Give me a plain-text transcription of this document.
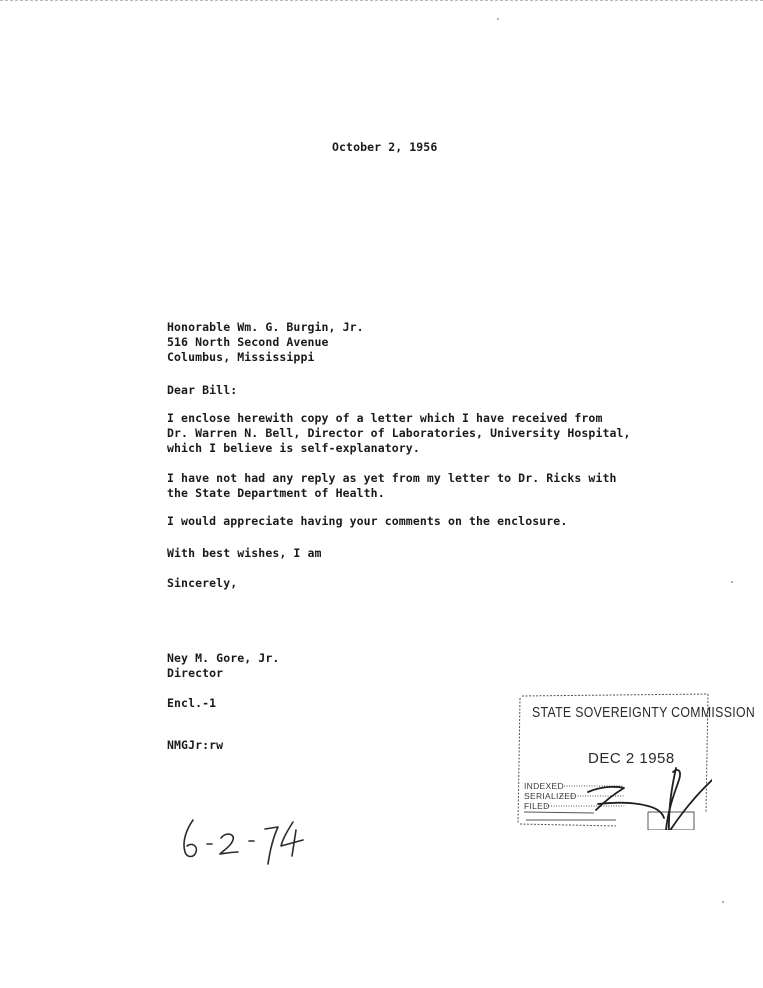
October 2, 1956
Honorable Wm. G. Burgin, Jr.
516 North Second Avenue
Columbus, Mississippi
Dear Bill:
I enclose herewith copy of a letter which I have received from
Dr. Warren N. Bell, Director of Laboratories, University Hospital,
which I believe is self-explanatory.
I have not had any reply as yet from my letter to Dr. Ricks with
the State Department of Health.
I would appreciate having your comments on the enclosure.
With best wishes, I am
Sincerely,
Ney M. Gore, Jr.
Director
Encl.-1
NMGJr:rw
STATE SOVEREIGNTY COMMISSION
DEC 2 1958
INDEXED
SERIALIZED
FILED
